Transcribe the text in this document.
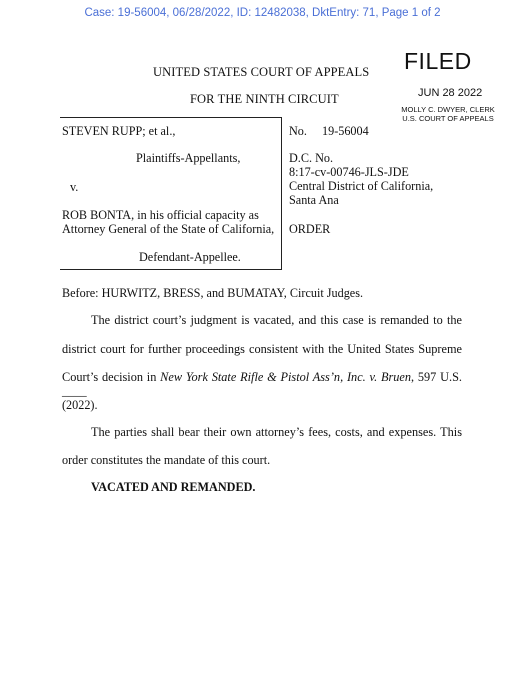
Case: 19-56004, 06/28/2022, ID: 12482038, DktEntry: 71, Page 1 of 2
UNITED STATES COURT OF APPEALS
FOR THE NINTH CIRCUIT
FILED
JUN 28 2022
MOLLY C. DWYER, CLERK
U.S. COURT OF APPEALS
STEVEN RUPP; et al.,
Plaintiffs-Appellants,
v.
ROB BONTA, in his official capacity as
Attorney General of the State of California,
Defendant-Appellee.
No. 19-56004
D.C. No.
8:17-cv-00746-JLS-JDE
Central District of California,
Santa Ana
ORDER
Before: HURWITZ, BRESS, and BUMATAY, Circuit Judges.
The district court’s judgment is vacated, and this case is remanded to the
district court for further proceedings consistent with the United States Supreme
Court’s decision in New York State Rifle & Pistol Ass’n, Inc. v. Bruen, 597 U.S. ____
(2022).
The parties shall bear their own attorney’s fees, costs, and expenses. This
order constitutes the mandate of this court.
VACATED AND REMANDED.
